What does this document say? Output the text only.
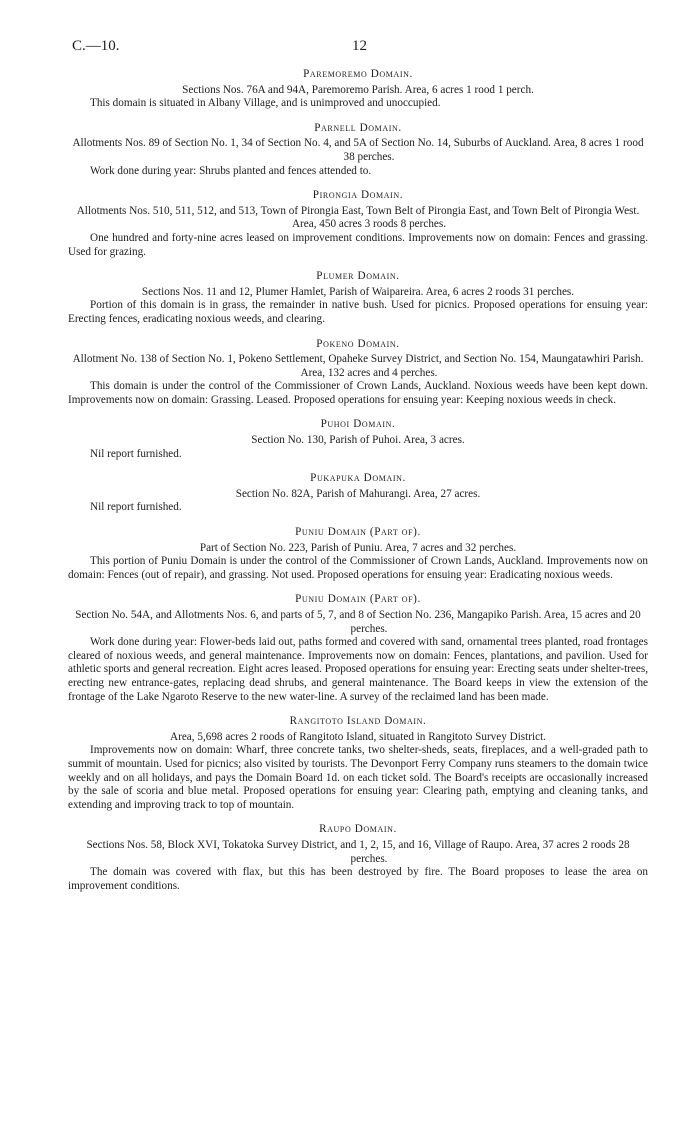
C.—10.	12
Paremoremo Domain.

Sections Nos. 76A and 94A, Paremoremo Parish. Area, 6 acres 1 rood 1 perch.

This domain is situated in Albany Village, and is unimproved and unoccupied.

Parnell Domain.

Allotments Nos. 89 of Section No. 1, 34 of Section No. 4, and 5A of Section No. 14, Suburbs of Auckland. Area, 8 acres 1 rood 38 perches.

Work done during year: Shrubs planted and fences attended to.

Pirongia Domain.

Allotments Nos. 510, 511, 512, and 513, Town of Pirongia East, Town Belt of Pirongia East, and Town Belt of Pirongia West. Area, 450 acres 3 roods 8 perches.

One hundred and forty-nine acres leased on improvement conditions. Improvements now on domain: Fences and grassing. Used for grazing.

Plumer Domain.

Sections Nos. 11 and 12, Plumer Hamlet, Parish of Waipareira. Area, 6 acres 2 roods 31 perches.

Portion of this domain is in grass, the remainder in native bush. Used for picnics. Proposed operations for ensuing year: Erecting fences, eradicating noxious weeds, and clearing.

Pokeno Domain.

Allotment No. 138 of Section No. 1, Pokeno Settlement, Opaheke Survey District, and Section No. 154, Maungatawhiri Parish. Area, 132 acres and 4 perches.

This domain is under the control of the Commissioner of Crown Lands, Auckland. Noxious weeds have been kept down. Improvements now on domain: Grassing. Leased. Proposed operations for ensuing year: Keeping noxious weeds in check.

Puhoi Domain.

Section No. 130, Parish of Puhoi. Area, 3 acres.

Nil report furnished.

Pukapuka Domain.

Section No. 82A, Parish of Mahurangi. Area, 27 acres.

Nil report furnished.

Puniu Domain (Part of).

Part of Section No. 223, Parish of Puniu. Area, 7 acres and 32 perches.

This portion of Puniu Domain is under the control of the Commissioner of Crown Lands, Auckland. Improvements now on domain: Fences (out of repair), and grassing. Not used. Proposed operations for ensuing year: Eradicating noxious weeds.

Puniu Domain (Part of).

Section No. 54A, and Allotments Nos. 6, and parts of 5, 7, and 8 of Section No. 236, Mangapiko Parish. Area, 15 acres and 20 perches.

Work done during year: Flower-beds laid out, paths formed and covered with sand, ornamental trees planted, road frontages cleared of noxious weeds, and general maintenance. Improvements now on domain: Fences, plantations, and pavilion. Used for athletic sports and general recreation. Eight acres leased. Proposed operations for ensuing year: Erecting seats under shelter-trees, erecting new entrance-gates, replacing dead shrubs, and general maintenance. The Board keeps in view the extension of the frontage of the Lake Ngaroto Reserve to the new water-line. A survey of the reclaimed land has been made.

Rangitoto Island Domain.

Area, 5,698 acres 2 roods of Rangitoto Island, situated in Rangitoto Survey District.

Improvements now on domain: Wharf, three concrete tanks, two shelter-sheds, seats, fireplaces, and a well-graded path to summit of mountain. Used for picnics; also visited by tourists. The Devonport Ferry Company runs steamers to the domain twice weekly and on all holidays, and pays the Domain Board 1d. on each ticket sold. The Board's receipts are occasionally increased by the sale of scoria and blue metal. Proposed operations for ensuing year: Clearing path, emptying and cleaning tanks, and extending and improving track to top of mountain.

Raupo Domain.

Sections Nos. 58, Block XVI, Tokatoka Survey District, and 1, 2, 15, and 16, Village of Raupo. Area, 37 acres 2 roods 28 perches.

The domain was covered with flax, but this has been destroyed by fire. The Board proposes to lease the area on improvement conditions.
